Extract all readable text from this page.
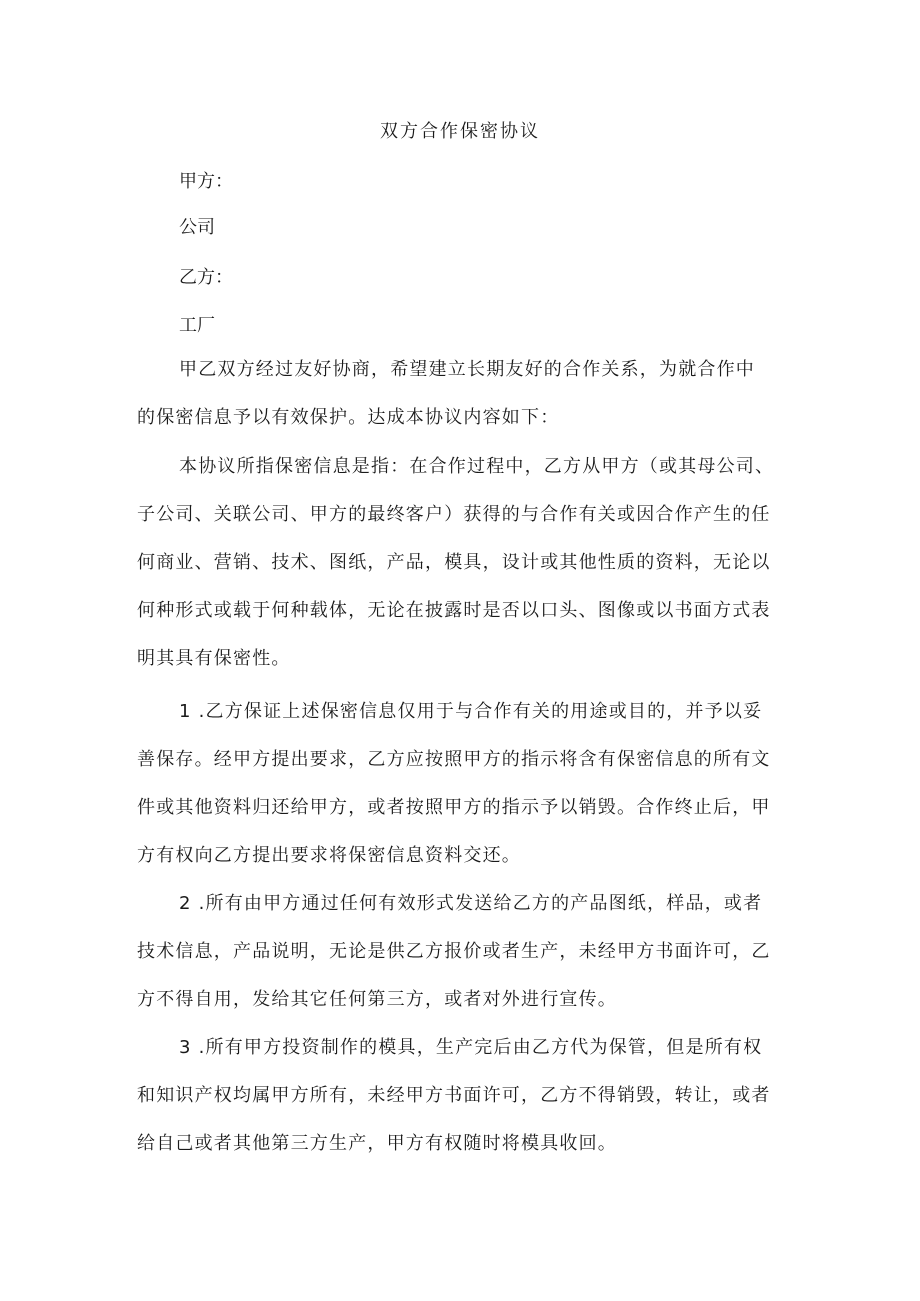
双方合作保密协议

甲方：

公司

乙方：

工厂

甲乙双方经过友好协商，希望建立长期友好的合作关系，为就合作中
的保密信息予以有效保护。达成本协议内容如下：
本协议所指保密信息是指：在合作过程中，乙方从甲方（或其母公司、
子公司、关联公司、甲方的最终客户）获得的与合作有关或因合作产生的任
何商业、营销、技术、图纸，产品，模具，设计或其他性质的资料，无论以
何种形式或载于何种载体，无论在披露时是否以口头、图像或以书面方式表
明其具有保密性。
1 .乙方保证上述保密信息仅用于与合作有关的用途或目的，并予以妥
善保存。经甲方提出要求，乙方应按照甲方的指示将含有保密信息的所有文
件或其他资料归还给甲方，或者按照甲方的指示予以销毁。合作终止后，甲
方有权向乙方提出要求将保密信息资料交还。
2 .所有由甲方通过任何有效形式发送给乙方的产品图纸，样品，或者
技术信息，产品说明，无论是供乙方报价或者生产，未经甲方书面许可，乙
方不得自用，发给其它任何第三方，或者对外进行宣传。
3 .所有甲方投资制作的模具，生产完后由乙方代为保管，但是所有权
和知识产权均属甲方所有，未经甲方书面许可，乙方不得销毁，转让，或者
给自己或者其他第三方生产，甲方有权随时将模具收回。
